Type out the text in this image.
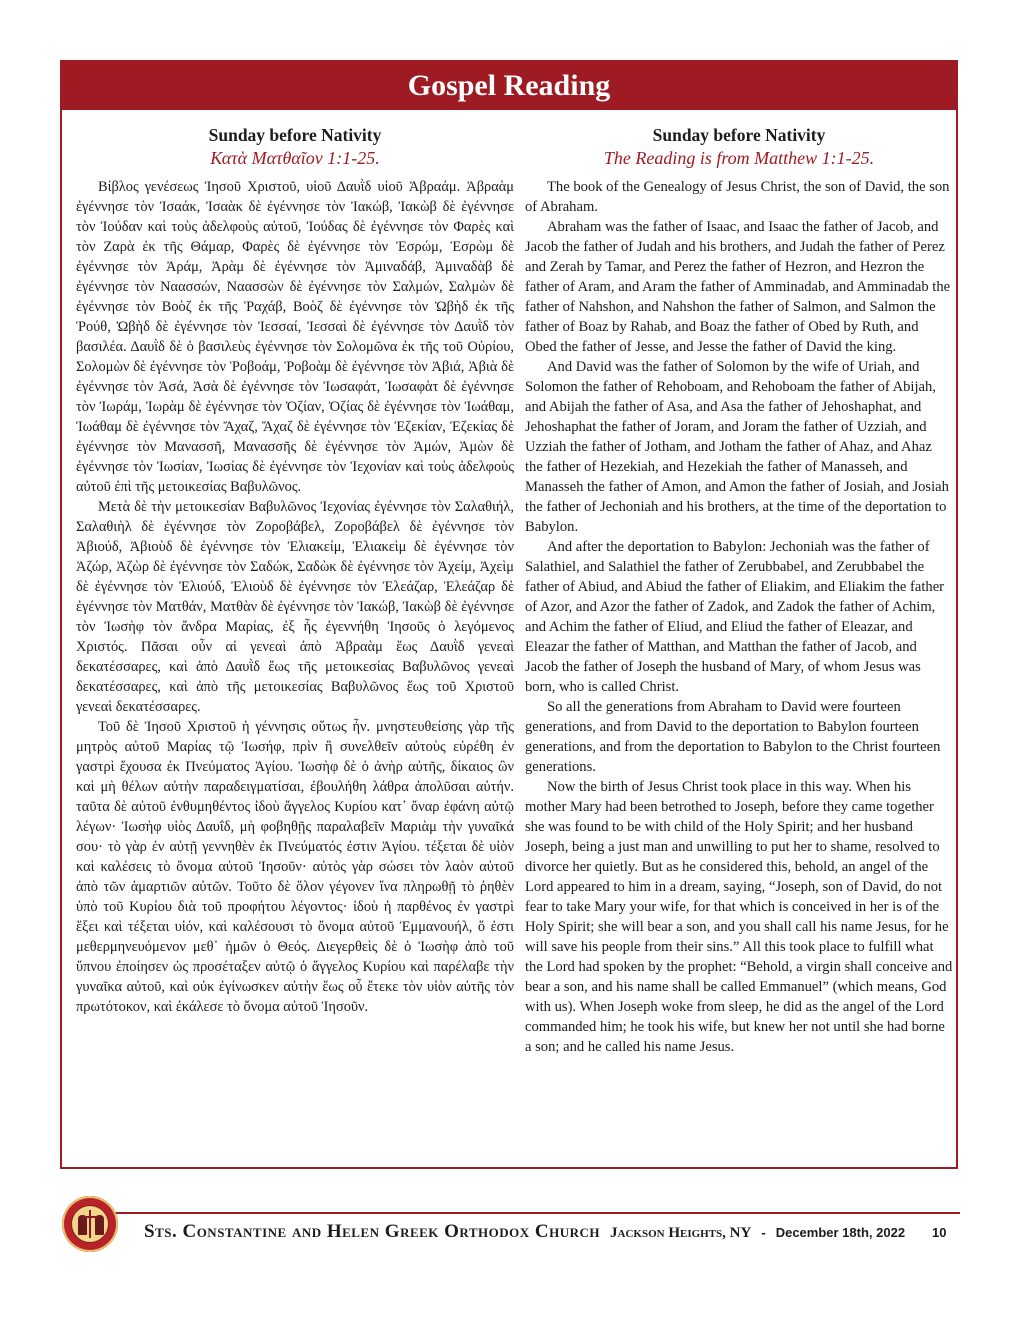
Gospel Reading
Sunday before Nativity
Κατὰ Ματθαῖον 1:1-25.

Βίβλος γενέσεως Ἰησοῦ Χριστοῦ, υἱοῦ Δαυῒδ υἱοῦ Ἀβραάμ. Ἀβραὰμ ἐγέννησε τὸν Ἰσαάκ, Ἰσαὰκ δὲ ἐγέννησε τὸν Ἰακώβ, Ἰακὼβ δὲ ἐγέννησε τὸν Ἰούδαν καὶ τοὺς ἀδελφοὺς αὐτοῦ, Ἰούδας δὲ ἐγέννησε τὸν Φαρὲς καὶ τὸν Ζαρὰ ἐκ τῆς Θάμαρ, Φαρὲς δὲ ἐγέννησε τὸν Ἐσρώμ, Ἐσρὼμ δὲ ἐγέννησε τὸν Ἀράμ, Ἀρὰμ δὲ ἐγέννησε τὸν Ἀμιναδάβ, Ἀμιναδὰβ δὲ ἐγέννησε τὸν Ναασσών, Ναασσὼν δὲ ἐγέννησε τὸν Σαλμών, Σαλμὼν δὲ ἐγέννησε τὸν Βοὸζ ἐκ τῆς Ῥαχάβ, Βοὸζ δὲ ἐγέννησε τὸν Ὠβὴδ ἐκ τῆς Ῥούθ, Ὠβὴδ δὲ ἐγέννησε τὸν Ἰεσσαί, Ἰεσσαὶ δὲ ἐγέννησε τὸν Δαυῒδ τὸν βασιλέα. Δαυῒδ δὲ ὁ βασιλεὺς ἐγέννησε τὸν Σολομῶνα ἐκ τῆς τοῦ Οὐρίου, Σολομὼν δὲ ἐγέννησε τὸν Ῥοβοάμ, Ῥοβοὰμ δὲ ἐγέννησε τὸν Ἀβιά, Ἀβιὰ δὲ ἐγέννησε τὸν Ἀσά, Ἀσὰ δὲ ἐγέννησε τὸν Ἰωσαφάτ, Ἰωσαφὰτ δὲ ἐγέννησε τὸν Ἰωράμ, Ἰωρὰμ δὲ ἐγέννησε τὸν Ὀζίαν, Ὀζίας δὲ ἐγέννησε τὸν Ἰωάθαμ, Ἰωάθαμ δὲ ἐγέννησε τὸν Ἄχαζ, Ἄχαζ δὲ ἐγέννησε τὸν Ἐζεκίαν, Ἐζεκίας δὲ ἐγέννησε τὸν Μανασσῆ, Μανασσῆς δὲ ἐγέννησε τὸν Ἀμών, Ἀμὼν δὲ ἐγέννησε τὸν Ἰωσίαν, Ἰωσίας δὲ ἐγέννησε τὸν Ἰεχονίαν καὶ τοὺς ἀδελφοὺς αὐτοῦ ἐπὶ τῆς μετοικεσίας Βαβυλῶνος.

Μετὰ δὲ τὴν μετοικεσίαν Βαβυλῶνος Ἰεχονίας ἐγέννησε τὸν Σαλαθιήλ, Σαλαθιὴλ δὲ ἐγέννησε τὸν Ζοροβάβελ, Ζοροβάβελ δὲ ἐγέννησε τὸν Ἀβιούδ, Ἀβιοὺδ δὲ ἐγέννησε τὸν Ἐλιακείμ, Ἐλιακεὶμ δὲ ἐγέννησε τὸν Ἀζώρ, Ἀζὼρ δὲ ἐγέννησε τὸν Σαδώκ, Σαδὼκ δὲ ἐγέννησε τὸν Ἀχείμ, Ἀχεὶμ δὲ ἐγέννησε τὸν Ἐλιούδ, Ἐλιοὺδ δὲ ἐγέννησε τὸν Ἐλεάζαρ, Ἐλεάζαρ δὲ ἐγέννησε τὸν Ματθάν, Ματθὰν δὲ ἐγέννησε τὸν Ἰακώβ, Ἰακὼβ δὲ ἐγέννησε τὸν Ἰωσὴφ τὸν ἄνδρα Μαρίας, ἐξ ἧς ἐγεννήθη Ἰησοῦς ὁ λεγόμενος Χριστός. Πᾶσαι οὖν αἱ γενεαὶ ἀπὸ Ἀβραὰμ ἕως Δαυῒδ γενεαὶ δεκατέσσαρες, καὶ ἀπὸ Δαυῒδ ἕως τῆς μετοικεσίας Βαβυλῶνος γενεαὶ δεκατέσσαρες, καὶ ἀπὸ τῆς μετοικεσίας Βαβυλῶνος ἕως τοῦ Χριστοῦ γενεαὶ δεκατέσσαρες.

Τοῦ δὲ Ἰησοῦ Χριστοῦ ἡ γέννησις οὕτως ἦν. μνηστευθείσης γὰρ τῆς μητρὸς αὐτοῦ Μαρίας τῷ Ἰωσήφ, πρὶν ἢ συνελθεῖν αὐτοὺς εὑρέθη ἐν γαστρὶ ἔχουσα ἐκ Πνεύματος Ἁγίου. Ἰωσὴφ δὲ ὁ ἀνὴρ αὐτῆς, δίκαιος ὢν καὶ μὴ θέλων αὐτὴν παραδειγματίσαι, ἐβουλήθη λάθρα ἀπολῦσαι αὐτήν. ταῦτα δὲ αὐτοῦ ἐνθυμηθέντος ἰδοὺ ἄγγελος Κυρίου κατ᾿ ὄναρ ἐφάνη αὐτῷ λέγων· Ἰωσὴφ υἱὸς Δαυΐδ, μὴ φοβηθῇς παραλαβεῖν Μαριὰμ τὴν γυναῖκά σου· τὸ γὰρ ἐν αὐτῇ γεννηθὲν ἐκ Πνεύματός ἐστιν Ἁγίου. τέξεται δὲ υἱὸν καὶ καλέσεις τὸ ὄνομα αὐτοῦ Ἰησοῦν· αὐτὸς γὰρ σώσει τὸν λαὸν αὐτοῦ ἀπὸ τῶν ἁμαρτιῶν αὐτῶν. Τοῦτο δὲ ὅλον γέγονεν ἵνα πληρωθῇ τὸ ῥηθὲν ὑπὸ τοῦ Κυρίου διὰ τοῦ προφήτου λέγοντος· ἰδοὺ ἡ παρθένος ἐν γαστρὶ ἕξει καὶ τέξεται υἱόν, καὶ καλέσουσι τὸ ὄνομα αὐτοῦ Ἐμμανουήλ, ὅ ἐστι μεθερμηνευόμενον μεθ᾿ ἡμῶν ὁ Θεός. Διεγερθεὶς δὲ ὁ Ἰωσὴφ ἀπὸ τοῦ ὕπνου ἐποίησεν ὡς προσέταξεν αὐτῷ ὁ ἄγγελος Κυρίου καὶ παρέλαβε τὴν γυναῖκα αὐτοῦ, καὶ οὐκ ἐγίνωσκεν αὐτὴν ἕως οὗ ἔτεκε τὸν υἱὸν αὐτῆς τὸν πρωτότοκον, καὶ ἐκάλεσε τὸ ὄνομα αὐτοῦ Ἰησοῦν.

Sunday before Nativity
The Reading is from Matthew 1:1-25.

The book of the Genealogy of Jesus Christ, the son of David, the son of Abraham.

Abraham was the father of Isaac, and Isaac the father of Jacob, and Jacob the father of Judah and his brothers, and Judah the father of Perez and Zerah by Tamar, and Perez the father of Hezron, and Hezron the father of Aram, and Aram the father of Amminadab, and Amminadab the father of Nahshon, and Nahshon the father of Salmon, and Salmon the father of Boaz by Rahab, and Boaz the father of Obed by Ruth, and Obed the father of Jesse, and Jesse the father of David the king.

And David was the father of Solomon by the wife of Uriah, and Solomon the father of Rehoboam, and Rehoboam the father of Abijah, and Abijah the father of Asa, and Asa the father of Jehoshaphat, and Jehoshaphat the father of Joram, and Joram the father of Uzziah, and Uzziah the father of Jotham, and Jotham the father of Ahaz, and Ahaz the father of Hezekiah, and Hezekiah the father of Manasseh, and Manasseh the father of Amon, and Amon the father of Josiah, and Josiah the father of Jechoniah and his brothers, at the time of the deportation to Babylon.

And after the deportation to Babylon: Jechoniah was the father of Salathiel, and Salathiel the father of Zerubbabel, and Zerubbabel the father of Abiud, and Abiud the father of Eliakim, and Eliakim the father of Azor, and Azor the father of Zadok, and Zadok the father of Achim, and Achim the father of Eliud, and Eliud the father of Eleazar, and Eleazar the father of Matthan, and Matthan the father of Jacob, and Jacob the father of Joseph the husband of Mary, of whom Jesus was born, who is called Christ.

So all the generations from Abraham to David were fourteen generations, and from David to the deportation to Babylon fourteen generations, and from the deportation to Babylon to the Christ fourteen generations.

Now the birth of Jesus Christ took place in this way. When his mother Mary had been betrothed to Joseph, before they came together she was found to be with child of the Holy Spirit; and her husband Joseph, being a just man and unwilling to put her to shame, resolved to divorce her quietly. But as he considered this, behold, an angel of the Lord appeared to him in a dream, saying, “Joseph, son of David, do not fear to take Mary your wife, for that which is conceived in her is of the Holy Spirit; she will bear a son, and you shall call his name Jesus, for he will save his people from their sins.” All this took place to fulfill what the Lord had spoken by the prophet: “Behold, a virgin shall conceive and bear a son, and his name shall be called Emmanuel” (which means, God with us). When Joseph woke from sleep, he did as the angel of the Lord commanded him; he took his wife, but knew her not until she had borne a son; and he called his name Jesus.

Sts. Constantine and Helen Greek Orthodox Church Jackson Heights, NY - December 18th, 2022 10
